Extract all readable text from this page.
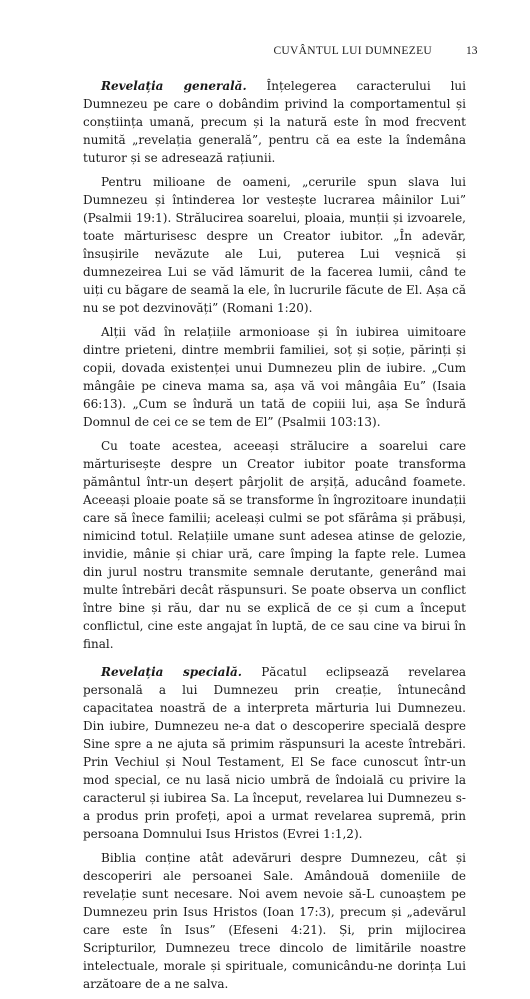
CUVÂNTUL LUI DUMNEZEU	13

Revelația generală. Înțelegerea caracterului lui Dumnezeu pe care o dobândim privind la comportamentul și conștiința umană, precum și la natură este în mod frecvent numită „revelația generală”, pentru că ea este la îndemâna tuturor și se adresează rațiunii.

Pentru milioane de oameni, „cerurile spun slava lui Dumnezeu și întinderea lor vestește lucrarea mâinilor Lui” (Psalmii 19:1). Strălucirea soarelui, ploaia, munții și izvoarele, toate mărturisesc despre un Creator iubitor. „În adevăr, însușirile nevăzute ale Lui, puterea Lui veșnică și dumnezeirea Lui se văd lămurit de la facerea lumii, când te uiți cu băgare de seamă la ele, în lucrurile făcute de El. Așa că nu se pot dezvinovăți” (Romani 1:20).

Alții văd în relațiile armonioase și în iubirea uimitoare dintre prieteni, dintre membrii familiei, soț și soție, părinți și copii, dovada existenței unui Dumnezeu plin de iubire. „Cum mângâie pe cineva mama sa, așa vă voi mângâia Eu” (Isaia 66:13). „Cum se îndură un tată de copiii lui, așa Se îndură Domnul de cei ce se tem de El” (Psalmii 103:13).

Cu toate acestea, aceeași strălucire a soarelui care mărturisește despre un Creator iubitor poate transforma pământul într-un deșert pârjolit de arșiță, aducând foamete. Aceeași ploaie poate să se transforme în îngrozitoare inundații care să înece familii; aceleași culmi se pot sfărâma și prăbuși, nimicind totul. Relațiile umane sunt adesea atinse de gelozie, invidie, mânie și chiar ură, care împing la fapte rele. Lumea din jurul nostru transmite semnale derutante, generând mai multe întrebări decât răspunsuri. Se poate observa un conflict între bine și rău, dar nu se explică de ce și cum a început conflictul, cine este angajat în luptă, de ce sau cine va birui în final.

Revelația specială. Păcatul eclipsează revelarea personală a lui Dumnezeu prin creație, întunecând capacitatea noastră de a interpreta mărturia lui Dumnezeu. Din iubire, Dumnezeu ne-a dat o descoperire specială despre Sine spre a ne ajuta să primim răspunsuri la aceste întrebări. Prin Vechiul și Noul Testament, El Se face cunoscut într-un mod special, ce nu lasă nicio umbră de îndoială cu privire la caracterul și iubirea Sa. La început, revelarea lui Dumnezeu s-a produs prin profeți, apoi a urmat revelarea supremă, prin persoana Domnului Isus Hristos (Evrei 1:1,2).

Biblia conține atât adevăruri despre Dumnezeu, cât și descoperiri ale persoanei Sale. Amândouă domeniile de revelație sunt necesare. Noi avem nevoie să-L cunoaștem pe Dumnezeu prin Isus Hristos (Ioan 17:3), precum și „adevărul care este în Isus” (Efeseni 4:21). Și, prin mijlocirea Scripturilor, Dumnezeu trece dincolo de limitările noastre intelectuale, morale și spirituale, comunicându-ne dorința Lui arzătoare de a ne salva.
